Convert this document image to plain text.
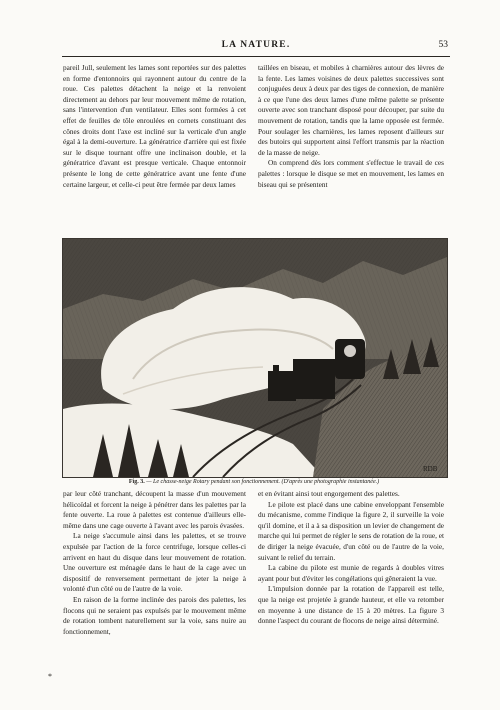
LA NATURE.	53

pareil Jull, seulement les lames sont reportées sur des palettes en forme d'entonnoirs qui rayonnent autour du centre de la roue. Ces palettes détachent la neige et la renvoient directement au dehors par leur mouvement même de rotation, sans l'intervention d'un ventilateur. Elles sont formées à cet effet de feuilles de tôle enroulées en cornets constituant des cônes droits dont l'axe est incliné sur la verticale d'un angle égal à la demi-ouverture. La génératrice d'arrière qui est fixée sur le disque tournant offre une inclinaison double, et la génératrice d'avant est presque verticale. Chaque entonnoir présente le long de cette génératrice avant une fente d'une certaine largeur, et celle-ci peut être fermée par deux lames

taillées en biseau, et mobiles à charnières autour des lèvres de la fente. Les lames voisines de deux palettes successives sont conjuguées deux à deux par des tiges de connexion, de manière à ce que l'une des deux lames d'une même palette se présente ouverte avec son tranchant disposé pour découper, par suite du mouvement de rotation, tandis que la lame opposée est fermée. Pour soulager les charnières, les lames reposent d'ailleurs sur des butoirs qui supportent ainsi l'effort transmis par la réaction de la masse de neige.

On comprend dès lors comment s'effectue le travail de ces palettes : lorsque le disque se met en mouvement, les lames en biseau qui se présentent

RDB
Fig. 3. — Le chasse-neige Rotary pendant son fonctionnement. (D'après une photographie instantanée.)

par leur côté tranchant, découpent la masse d'un mouvement hélicoïdal et forcent la neige à pénétrer dans les palettes par la fente ouverte. La roue à palettes est contenue d'ailleurs elle-même dans une cage ouverte à l'avant avec les parois évasées.

La neige s'accumule ainsi dans les palettes, et se trouve expulsée par l'action de la force centrifuge, lorsque celles-ci arrivent en haut du disque dans leur mouvement de rotation. Une ouverture est ménagée dans le haut de la cage avec un dispositif de renversement permettant de jeter la neige à volonté d'un côté ou de l'autre de la voie.

En raison de la forme inclinée des parois des palettes, les flocons qui ne seraient pas expulsés par le mouvement même de rotation tombent naturellement sur la voie, sans nuire au fonctionnement,

et en évitant ainsi tout engorgement des palettes.

Le pilote est placé dans une cabine enveloppant l'ensemble du mécanisme, comme l'indique la figure 2, il surveille la voie qu'il domine, et il a à sa disposition un levier de changement de marche qui lui permet de régler le sens de rotation de la roue, et de diriger la neige évacuée, d'un côté ou de l'autre de la voie, suivant le relief du terrain.

La cabine du pilote est munie de regards à doubles vitres ayant pour but d'éviter les congélations qui gêneraient la vue.

L'impulsion donnée par la rotation de l'appareil est telle, que la neige est projetée à grande hauteur, et elle va retomber en moyenne à une distance de 15 à 20 mètres. La figure 3 donne l'aspect du courant de flocons de neige ainsi déterminé.

*
